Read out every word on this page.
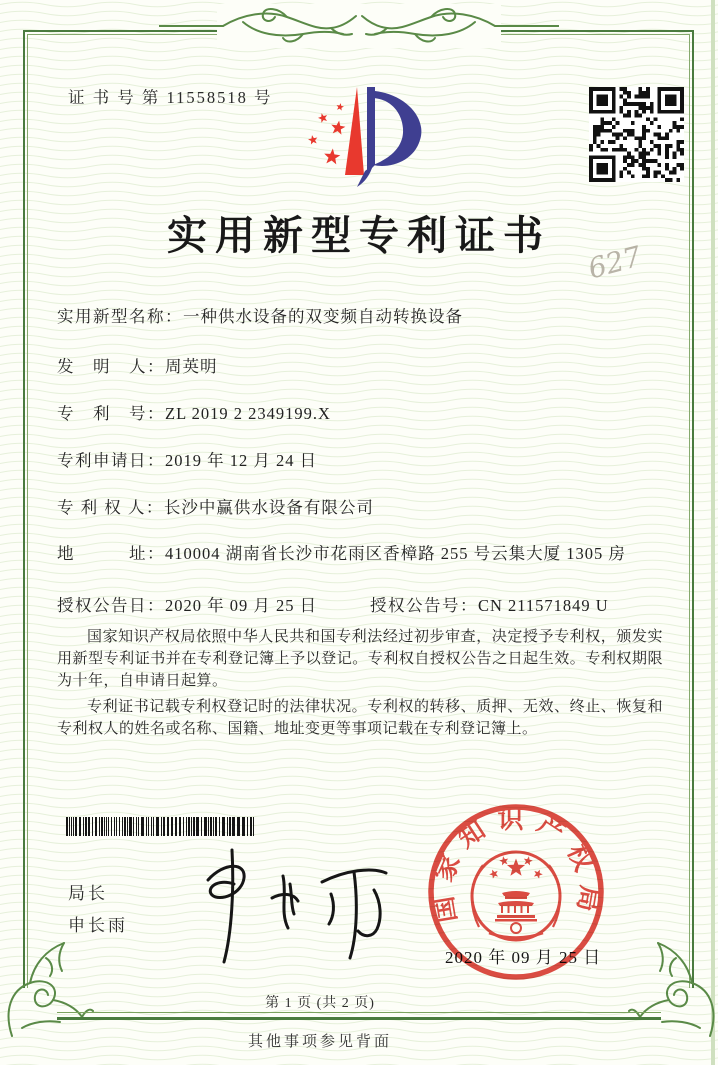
证 书 号 第 11558518 号
实用新型专利证书
627
实用新型名称：一种供水设备的双变频自动转换设备
发　明　人：周英明
专　利　号：ZL 2019 2 2349199.X
专利申请日：2019 年 12 月 24 日
专 利 权 人：长沙中赢供水设备有限公司
地　　　址：410004 湖南省长沙市花雨区香樟路 255 号云集大厦 1305 房
授权公告日：2020 年 09 月 25 日	授权公告号：CN 211571849 U

国家知识产权局依照中华人民共和国专利法经过初步审查，决定授予专利权，颁发实用新型专利证书并在专利登记簿上予以登记。专利权自授权公告之日起生效。专利权期限为十年，自申请日起算。

专利证书记载专利权登记时的法律状况。专利权的转移、质押、无效、终止、恢复和专利权人的姓名或名称、国籍、地址变更等事项记载在专利登记簿上。

局长
申长雨
2020 年 09 月 25 日
国家知识产权局
第 1 页 (共 2 页)
其他事项参见背面
